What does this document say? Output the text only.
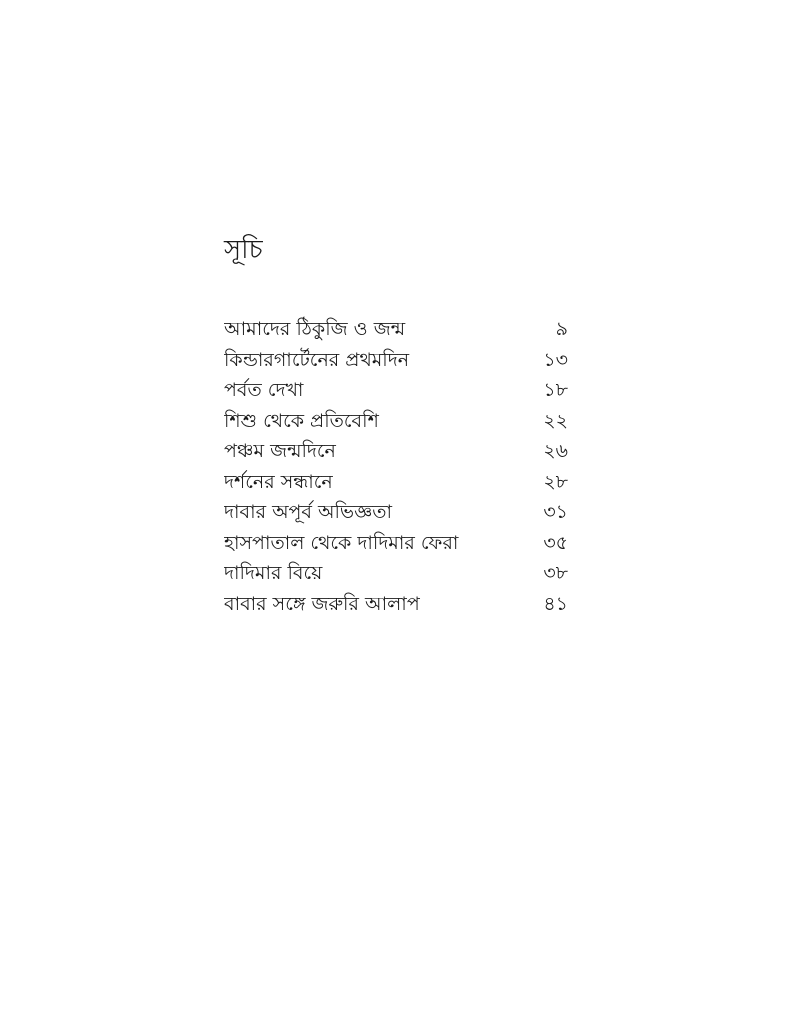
সূচি
আমাদের ঠিকুজি ও জন্ম	৯
কিন্ডারগার্টেনের প্রথমদিন	১৩
পর্বত দেখা	১৮
শিশু থেকে প্রতিবেশি	২২
পঞ্চম জন্মদিনে	২৬
দর্শনের সন্ধানে	২৮
দাবার অপূর্ব অভিজ্ঞতা	৩১
হাসপাতাল থেকে দাদিমার ফেরা	৩৫
দাদিমার বিয়ে	৩৮
বাবার সঙ্গে জরুরি আলাপ	৪১
